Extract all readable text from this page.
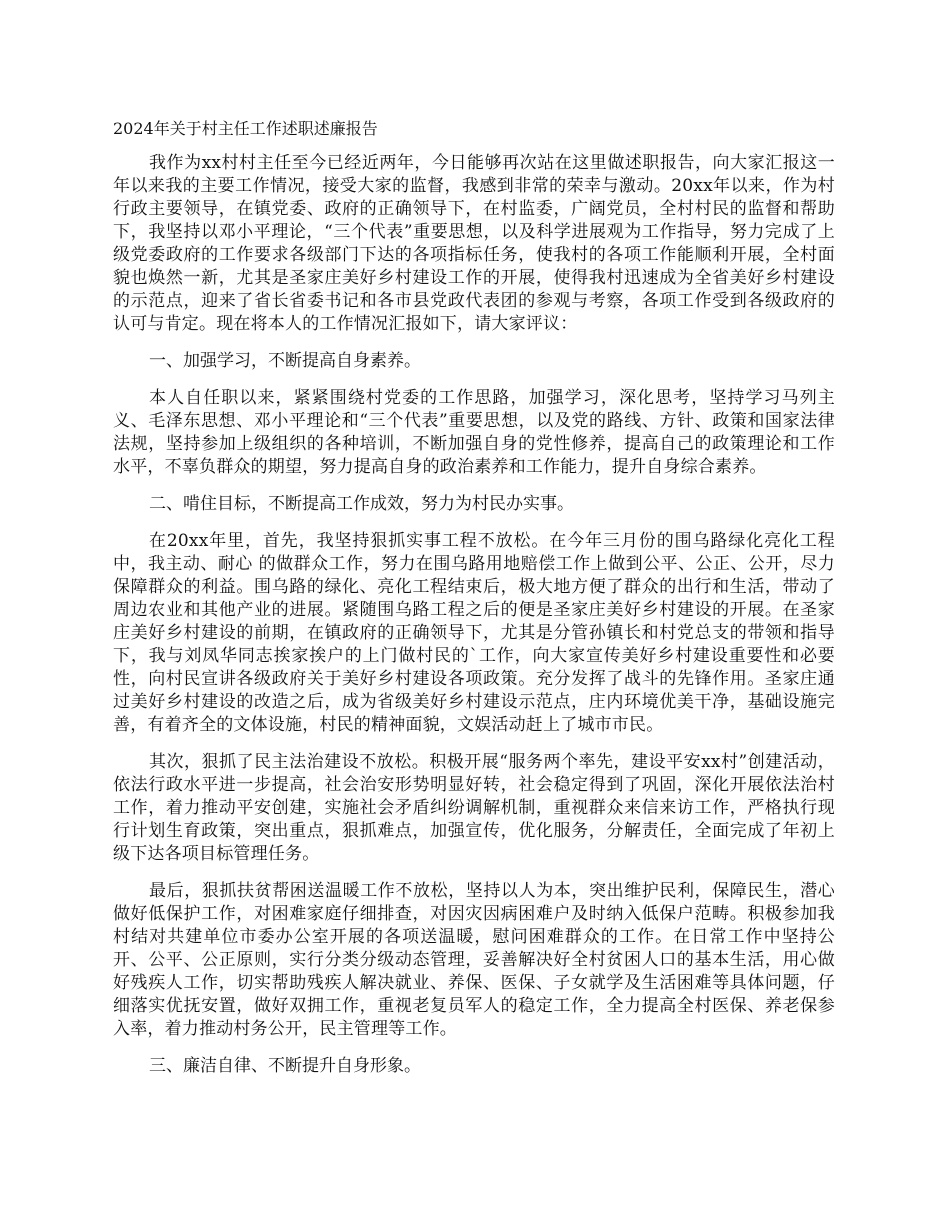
2024年关于村主任工作述职述廉报告

我作为xx村村主任至今已经近两年，今日能够再次站在这里做述职报告，向大家汇报这一年以来我的主要工作情况，接受大家的监督，我感到非常的荣幸与激动。20xx年以来，作为村行政主要领导，在镇党委、政府的正确领导下，在村监委，广阔党员，全村村民的监督和帮助下，我坚持以邓小平理论，“三个代表”重要思想，以及科学进展观为工作指导，努力完成了上级党委政府的工作要求各级部门下达的各项指标任务，使我村的各项工作能顺利开展，全村面貌也焕然一新，尤其是圣家庄美好乡村建设工作的开展，使得我村迅速成为全省美好乡村建设的示范点，迎来了省长省委书记和各市县党政代表团的参观与考察，各项工作受到各级政府的认可与肯定。现在将本人的工作情况汇报如下，请大家评议：

一、加强学习，不断提高自身素养。

本人自任职以来，紧紧围绕村党委的工作思路，加强学习，深化思考，坚持学习马列主义、毛泽东思想、邓小平理论和“三个代表”重要思想，以及党的路线、方针、政策和国家法律法规，坚持参加上级组织的各种培训，不断加强自身的党性修养，提高自己的政策理论和工作水平，不辜负群众的期望，努力提高自身的政治素养和工作能力，提升自身综合素养。

二、啃住目标，不断提高工作成效，努力为村民办实事。

在20xx年里，首先，我坚持狠抓实事工程不放松。在今年三月份的围乌路绿化亮化工程中，我主动、耐心 的做群众工作，努力在围乌路用地赔偿工作上做到公平、公正、公开，尽力保障群众的利益。围乌路的绿化、亮化工程结束后，极大地方便了群众的出行和生活，带动了周边农业和其他产业的进展。紧随围乌路工程之后的便是圣家庄美好乡村建设的开展。在圣家庄美好乡村建设的前期，在镇政府的正确领导下，尤其是分管孙镇长和村党总支的带领和指导下，我与刘凤华同志挨家挨户的上门做村民的`工作，向大家宣传美好乡村建设重要性和必要性，向村民宣讲各级政府关于美好乡村建设各项政策。充分发挥了战斗的先锋作用。圣家庄通过美好乡村建设的改造之后，成为省级美好乡村建设示范点，庄内环境优美干净，基础设施完善，有着齐全的文体设施，村民的精神面貌，文娱活动赶上了城市市民。

其次，狠抓了民主法治建设不放松。积极开展“服务两个率先，建设平安xx村”创建活动，依法行政水平进一步提高，社会治安形势明显好转，社会稳定得到了巩固，深化开展依法治村工作，着力推动平安创建，实施社会矛盾纠纷调解机制，重视群众来信来访工作，严格执行现行计划生育政策，突出重点，狠抓难点，加强宣传，优化服务，分解责任，全面完成了年初上级下达各项目标管理任务。

最后，狠抓扶贫帮困送温暖工作不放松，坚持以人为本，突出维护民利，保障民生，潜心做好低保护工作，对困难家庭仔细排查，对因灾因病困难户及时纳入低保户范畴。积极参加我村结对共建单位市委办公室开展的各项送温暖，慰问困难群众的工作。在日常工作中坚持公开、公平、公正原则，实行分类分级动态管理，妥善解决好全村贫困人口的基本生活，用心做好残疾人工作，切实帮助残疾人解决就业、养保、医保、子女就学及生活困难等具体问题，仔细落实优抚安置，做好双拥工作，重视老复员军人的稳定工作，全力提高全村医保、养老保参入率，着力推动村务公开，民主管理等工作。

三、廉洁自律、不断提升自身形象。
